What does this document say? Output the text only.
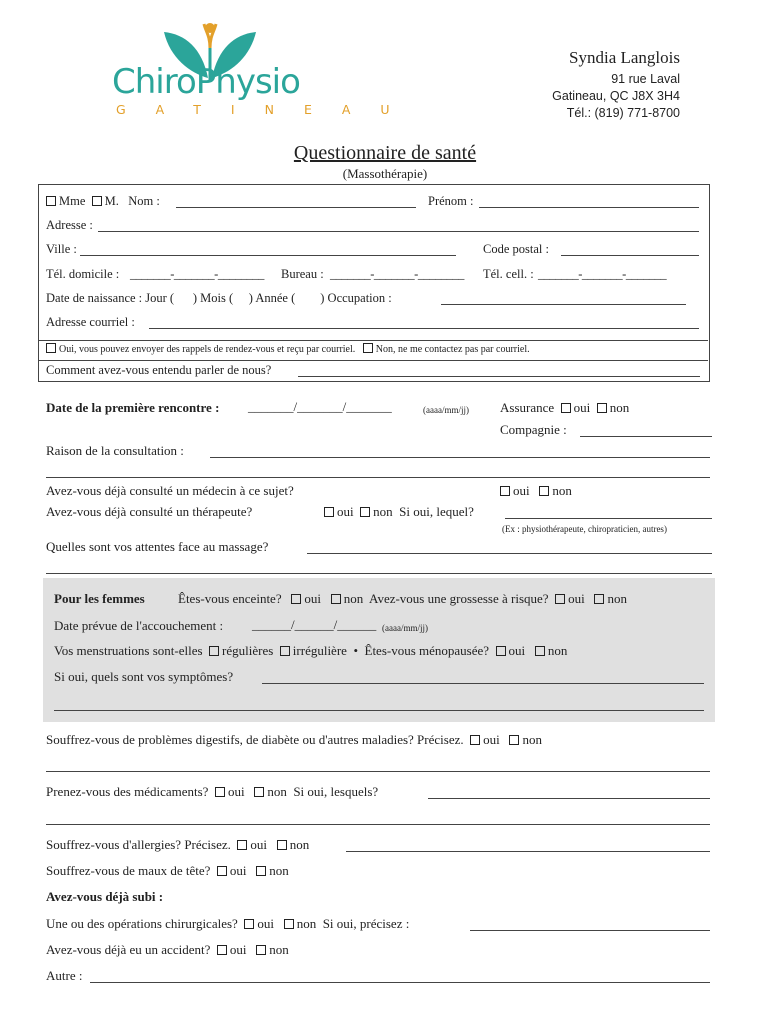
ChiroPhysio
GATINEAU
Syndia Langlois
91 rue Laval
Gatineau, QC J8X 3H4
Tél.: (819) 771-8700
Questionnaire de santé
(Massothérapie)
Mme M. Nom :	Prénom :
Adresse :
Ville :	Code postal :
Tél. domicile : _______-_______-________ Bureau : _______-_______-________ Tél. cell. : _______-_______-_______
Date de naissance : Jour ( ) Mois ( ) Année ( ) Occupation :
Adresse courriel :
Oui, vous pouvez envoyer des rappels de rendez-vous et reçu par courriel. Non, ne me contactez pas par courriel.
Comment avez-vous entendu parler de nous?
Date de la première rencontre : _______/_______/_______	(aaaa/mm/jj) Assurance oui non
Compagnie :
Raison de la consultation :
Avez-vous déjà consulté un médecin à ce sujet?	oui non
Avez-vous déjà consulté un thérapeute?	oui non Si oui, lequel?
(Ex : physiothérapeute, chiropraticien, autres)
Quelles sont vos attentes face au massage?
Pour les femmes	Êtes-vous enceinte? oui non Avez-vous une grossesse à risque? oui non
Date prévue de l'accouchement : ______/______/______ (aaaa/mm/jj)
Vos menstruations sont-elles régulières irrégulière • Êtes-vous ménopausée? oui non
Si oui, quels sont vos symptômes?
Souffrez-vous de problèmes digestifs, de diabète ou d'autres maladies? Précisez. oui non
Prenez-vous des médicaments? oui non Si oui, lesquels?
Souffrez-vous d'allergies? Précisez. oui non
Souffrez-vous de maux de tête? oui non
Avez-vous déjà subi :
Une ou des opérations chirurgicales? oui non Si oui, précisez :
Avez-vous déjà eu un accident? oui non
Autre :
